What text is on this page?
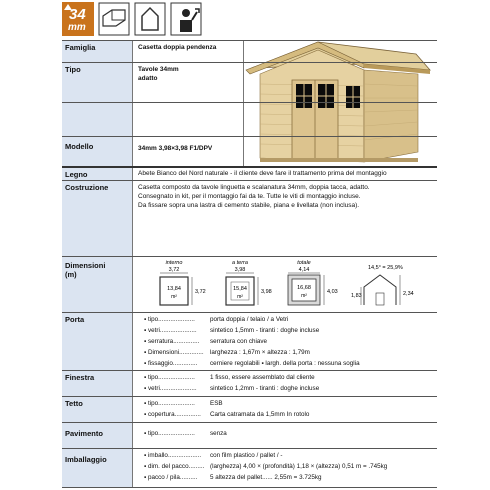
34
mm
Famiglia	Casetta doppia pendenza
Tipo	Tavole 34mm
adatto
Modello	34mm 3,98×3,98 F1/DPV
Legno	Abete Bianco del Nord naturale - il cliente deve fare il trattamento prima del montaggio
Costruzione	Casetta composto da tavole linguetta e scalanatura 34mm, doppia tacca, adatto.
Consegnato in kit, per il montaggio fai da te. Tutte le viti di montaggio incluse.
Da fissare sopra una lastra di cemento stabile, piana e livellata (non inclusa).
Dimensioni
(m)
interno
3,72
13,84
m²
3,72
a terra
3,98
15,84
m²
3,98
totale
4,14
16,68
m²
4,03
14,5° = 25,9%
1,83	2,34
Porta	▪ tipo..................... porta doppia / telaio / a Vetri
▪ vetri..................... sintetico 1,5mm - tiranti : doghe incluse
▪ serratura............... serratura con chiave
▪ Dimensioni.............. larghezza : 1,67m × altezza : 1,79m
▪ fissaggio.............. cerniere regolabili ▪ largh. della porta : nessuna soglia
Finestra	▪ tipo..................... 1 fisso, essere assemblato dal cliente
▪ vetri..................... sintetico 1,2mm - tiranti : doghe incluse
Tetto	▪ tipo..................... ESB
▪ copertura............... Carta catramata da 1,5mm In rotolo
Pavimento	▪ tipo..................... senza
Imballaggio	▪ imballo................... con film plastico / pallet / -
▪ dim. del pacco......... (larghezza) 4,00 × (profondità) 1,18 × (altezza) 0,51 m = .745kg
▪ pacco / pila.......... 5 altezza del pallet...... 2,55m = 3.725kg
